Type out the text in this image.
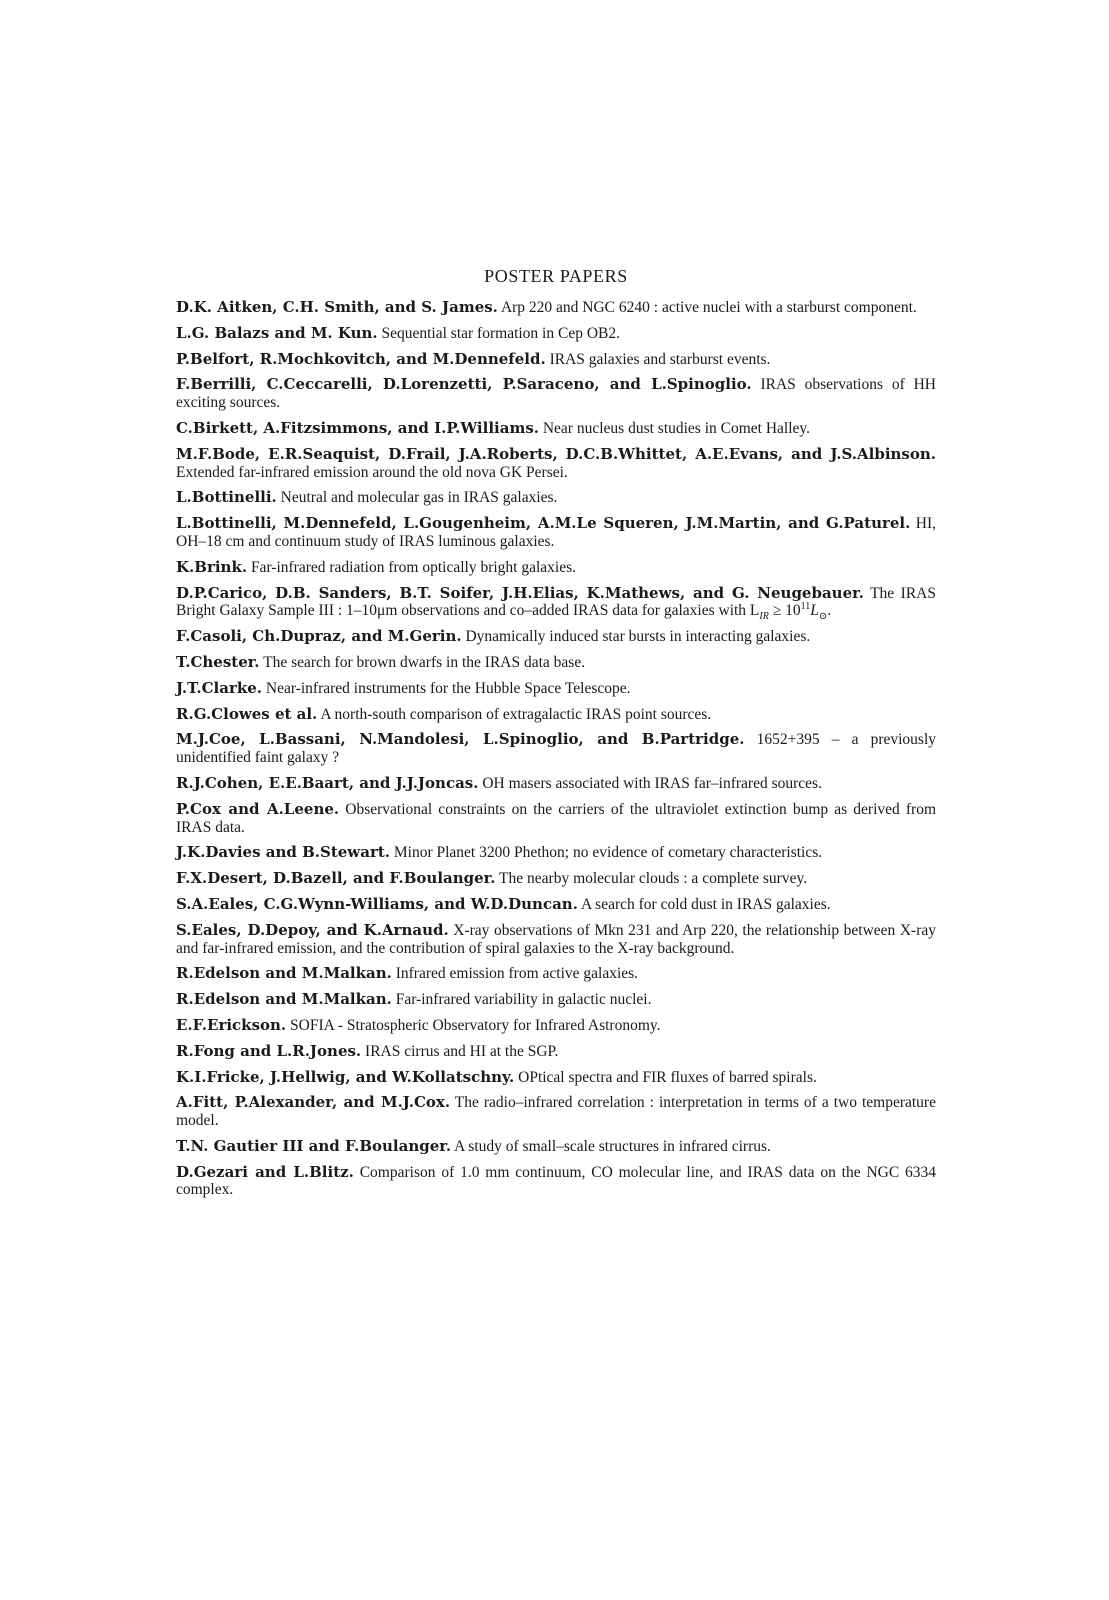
POSTER PAPERS

D.K. Aitken, C.H. Smith, and S. James. Arp 220 and NGC 6240 : active nuclei with a starburst component.

L.G. Balazs and M. Kun. Sequential star formation in Cep OB2.

P.Belfort, R.Mochkovitch, and M.Dennefeld. IRAS galaxies and starburst events.

F.Berrilli, C.Ceccarelli, D.Lorenzetti, P.Saraceno, and L.Spinoglio. IRAS observations of HH exciting sources.

C.Birkett, A.Fitzsimmons, and I.P.Williams. Near nucleus dust studies in Comet Halley.

M.F.Bode, E.R.Seaquist, D.Frail, J.A.Roberts, D.C.B.Whittet, A.E.Evans, and J.S.Albinson. Extended far-infrared emission around the old nova GK Persei.

L.Bottinelli. Neutral and molecular gas in IRAS galaxies.

L.Bottinelli, M.Dennefeld, L.Gougenheim, A.M.Le Squeren, J.M.Martin, and G.Paturel. HI, OH–18 cm and continuum study of IRAS luminous galaxies.

K.Brink. Far-infrared radiation from optically bright galaxies.

D.P.Carico, D.B. Sanders, B.T. Soifer, J.H.Elias, K.Mathews, and G. Neugebauer. The IRAS Bright Galaxy Sample III : 1–10μm observations and co–added IRAS data for galaxies with $L_{IR} \ge 10^{11}L_⊙$.

F.Casoli, Ch.Dupraz, and M.Gerin. Dynamically induced star bursts in interacting galaxies.

T.Chester. The search for brown dwarfs in the IRAS data base.

J.T.Clarke. Near-infrared instruments for the Hubble Space Telescope.

R.G.Clowes et al. A north-south comparison of extragalactic IRAS point sources.

M.J.Coe, L.Bassani, N.Mandolesi, L.Spinoglio, and B.Partridge. 1652+395 – a previously unidentified faint galaxy ?

R.J.Cohen, E.E.Baart, and J.J.Joncas. OH masers associated with IRAS far–infrared sources.

P.Cox and A.Leene. Observational constraints on the carriers of the ultraviolet extinction bump as derived from IRAS data.

J.K.Davies and B.Stewart. Minor Planet 3200 Phethon; no evidence of cometary characteristics.

F.X.Desert, D.Bazell, and F.Boulanger. The nearby molecular clouds : a complete survey.

S.A.Eales, C.G.Wynn-Williams, and W.D.Duncan. A search for cold dust in IRAS galaxies.

S.Eales, D.Depoy, and K.Arnaud. X-ray observations of Mkn 231 and Arp 220, the relationship between X-ray and far-infrared emission, and the contribution of spiral galaxies to the X-ray background.

R.Edelson and M.Malkan. Infrared emission from active galaxies.

R.Edelson and M.Malkan. Far-infrared variability in galactic nuclei.

E.F.Erickson. SOFIA - Stratospheric Observatory for Infrared Astronomy.

R.Fong and L.R.Jones. IRAS cirrus and HI at the SGP.

K.I.Fricke, J.Hellwig, and W.Kollatschny. OPtical spectra and FIR fluxes of barred spirals.

A.Fitt, P.Alexander, and M.J.Cox. The radio–infrared correlation : interpretation in terms of a two temperature model.

T.N. Gautier III and F.Boulanger. A study of small–scale structures in infrared cirrus.

D.Gezari and L.Blitz. Comparison of 1.0 mm continuum, CO molecular line, and IRAS data on the NGC 6334 complex.
